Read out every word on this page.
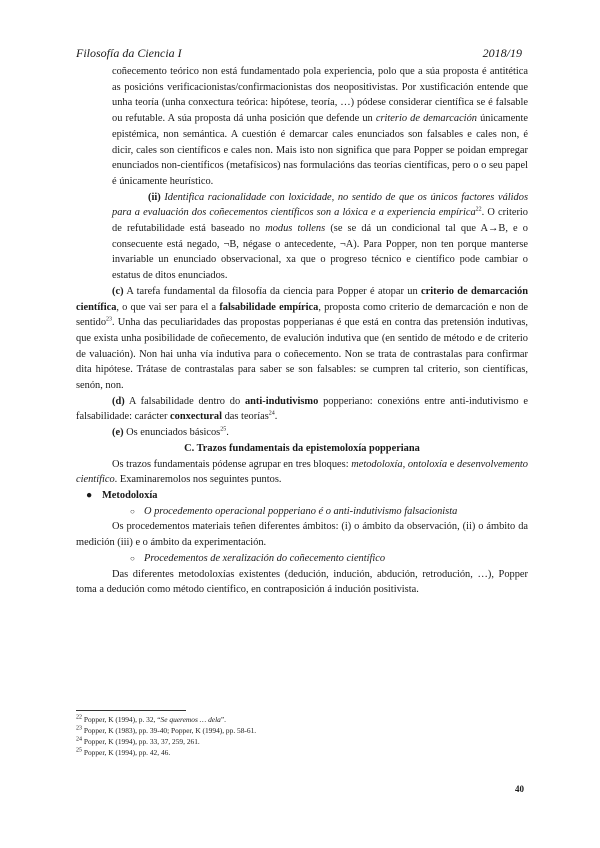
Filosofía da Ciencia I	2018/19

coñecemento teórico non está fundamentado pola experiencia, polo que a súa proposta é antitética as posicións verificacionistas/confirmacionistas dos neopositivistas. Por xustificación entende que unha teoría (unha conxectura teórica: hipótese, teoría, …) pódese considerar científica se é falsable ou refutable. A súa proposta dá unha posición que defende un criterio de demarcación únicamente epistémica, non semántica. A cuestión é demarcar cales enunciados son falsables e cales non, é dicir, cales son científicos e cales non. Mais isto non significa que para Popper se poidan empregar enunciados non-científicos (metafísicos) nas formulacións das teorías científicas, pero o o seu papel é únicamente heurístico.

(ii) Identifica racionalidade con loxicidade, no sentido de que os únicos factores válidos para a evaluación dos coñecementos científicos son a lóxica e a experiencia empírica$^{22}$. O criterio de refutabilidade está baseado no modus tollens (se se dá un condicional tal que A→B, e o consecuente está negado, ¬B, négase o antecedente, ¬A). Para Popper, non ten porque manterse invariable un enunciado observacional, xa que o progreso técnico e científico pode cambiar o estatus de ditos enunciados.

(c) A tarefa fundamental da filosofía da ciencia para Popper é atopar un criterio de demarcación científica, o que vai ser para el a falsabilidade empírica, proposta como criterio de demarcación e non de sentido$^{23}$. Unha das peculiaridades das propostas popperianas é que está en contra das pretensión indutivas, que exista unha posibilidade de coñecemento, de evalución indutiva que (en sentido de método e de criterio de valuación). Non hai unha vía indutiva para o coñecemento. Non se trata de contrastalas para confirmar dita hipótese. Trátase de contrastalas para saber se son falsables: se cumpren tal criterio, son científicas, senón, non.

(d) A falsabilidade dentro do anti-indutivismo popperiano: conexións entre anti-indutivismo e falsabilidade: carácter conxectural das teorías$^{24}$.

(e) Os enunciados básicos$^{25}$.

C. Trazos fundamentais da epistemoloxía popperiana

Os trazos fundamentais pódense agrupar en tres bloques: metodoloxía, ontoloxía e desenvolvemento científico. Examinaremolos nos seguintes puntos.

● Metodoloxía

○ O procedemento operacional popperiano é o anti-indutivismo falsacionista

Os procedementos materiais teñen diferentes ámbitos: (i) o ámbito da observación, (ii) o ámbito da medición (iii) e o ámbito da experimentación.

○ Procedementos de xeralización do coñecemento científico

Das diferentes metodoloxías existentes (dedución, indución, abdución, retrodución, …), Popper toma a dedución como método científico, en contraposición á indución positivista.

$^{22}$ Popper, K (1994), p. 32, “Se queremos … dela”.
$^{23}$ Popper, K (1983), pp. 39-40; Popper, K (1994), pp. 58-61.
$^{24}$ Popper, K (1994), pp. 33, 37, 259, 261.
$^{25}$ Popper, K (1994), pp. 42, 46.
40
